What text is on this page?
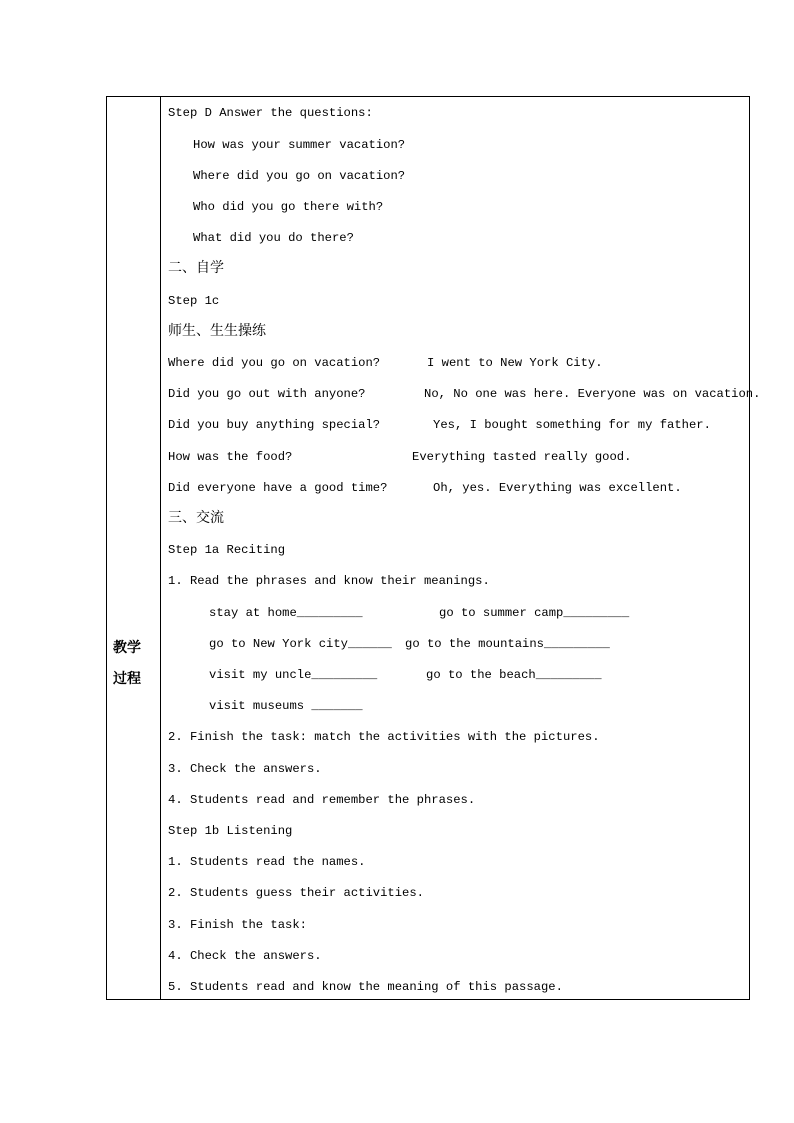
教学
过程
Step D Answer the questions:
How was your summer vacation?
Where did you go on vacation?
Who did you go there with?
What did you do there?
二、自学
Step 1c
师生、生生操练
Where did you go on vacation?	I went to New York City.
Did you go out with anyone?	No, No one was here. Everyone was on vacation.
Did you buy anything special?	Yes, I bought something for my father.
How was the food?	Everything tasted really good.
Did everyone have a good time?	Oh, yes. Everything was excellent.
三、交流
Step 1a Reciting
1. Read the phrases and know their meanings.
stay at home_________	go to summer camp_________
go to New York city______ go to the mountains_________
visit my uncle_________	go to the beach_________
visit museums _______
2. Finish the task: match the activities with the pictures.
3. Check the answers.
4. Students read and remember the phrases.
Step 1b Listening
1. Students read the names.
2. Students guess their activities.
3. Finish the task:
4. Check the answers.
5. Students read and know the meaning of this passage.
